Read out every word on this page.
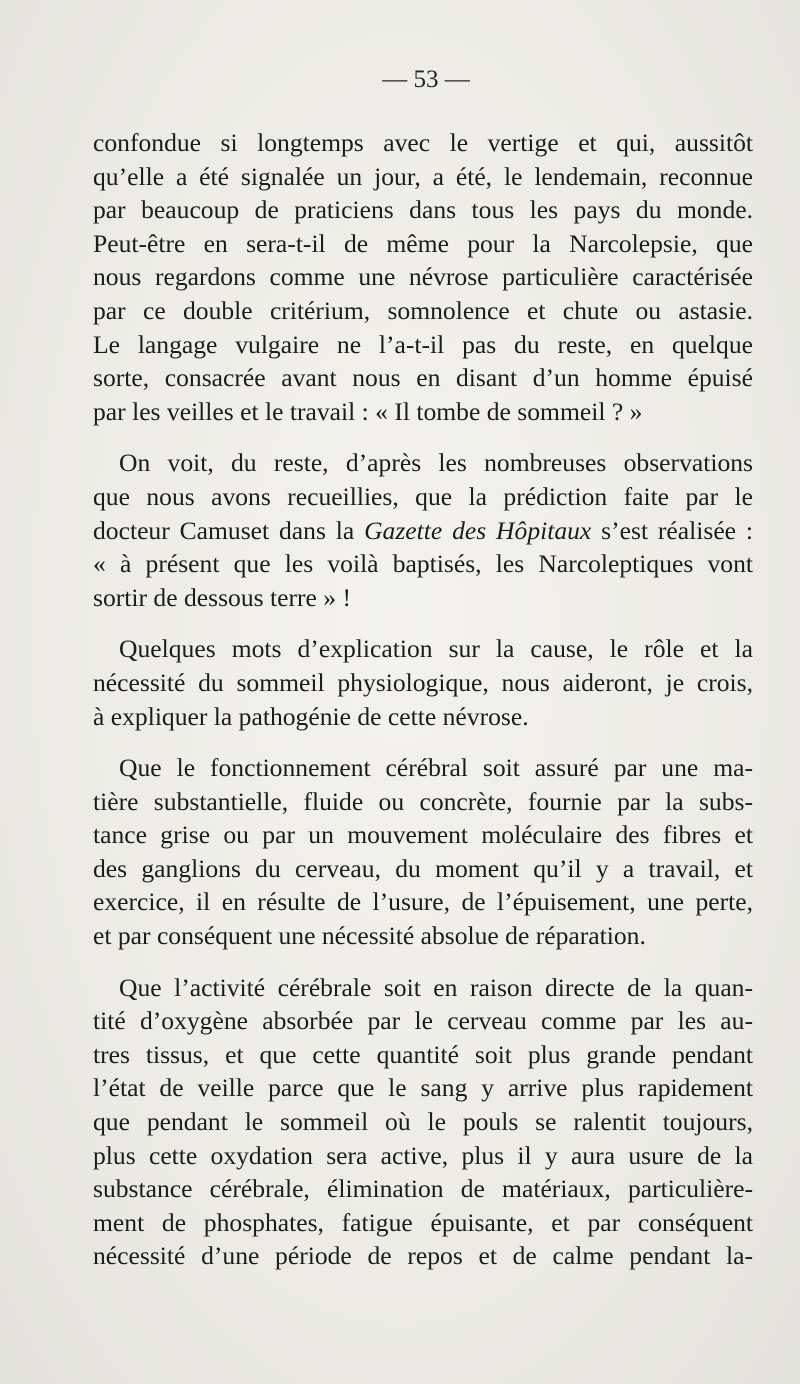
— 53 —

confondue si longtemps avec le vertige et qui, aussitôt
qu’elle a été signalée un jour, a été, le lendemain, reconnue
par beaucoup de praticiens dans tous les pays du monde.
Peut-être en sera-t-il de même pour la Narcolepsie, que
nous regardons comme une névrose particulière caractérisée
par ce double critérium, somnolence et chute ou astasie.
Le langage vulgaire ne l’a-t-il pas du reste, en quelque
sorte, consacrée avant nous en disant d’un homme épuisé
par les veilles et le travail : « Il tombe de sommeil ? »

On voit, du reste, d’après les nombreuses observations
que nous avons recueillies, que la prédiction faite par le
docteur Camuset dans la Gazette des Hôpitaux s’est réalisée :
« à présent que les voilà baptisés, les Narcoleptiques vont
sortir de dessous terre » !

Quelques mots d’explication sur la cause, le rôle et la
nécessité du sommeil physiologique, nous aideront, je crois,
à expliquer la pathogénie de cette névrose.

Que le fonctionnement cérébral soit assuré par une ma-
tière substantielle, fluide ou concrète, fournie par la subs-
tance grise ou par un mouvement moléculaire des fibres et
des ganglions du cerveau, du moment qu’il y a travail, et
exercice, il en résulte de l’usure, de l’épuisement, une perte,
et par conséquent une nécessité absolue de réparation.

Que l’activité cérébrale soit en raison directe de la quan-
tité d’oxygène absorbée par le cerveau comme par les au-
tres tissus, et que cette quantité soit plus grande pendant
l’état de veille parce que le sang y arrive plus rapidement
que pendant le sommeil où le pouls se ralentit toujours,
plus cette oxydation sera active, plus il y aura usure de la
substance cérébrale, élimination de matériaux, particulière-
ment de phosphates, fatigue épuisante, et par conséquent
nécessité d’une période de repos et de calme pendant la-
